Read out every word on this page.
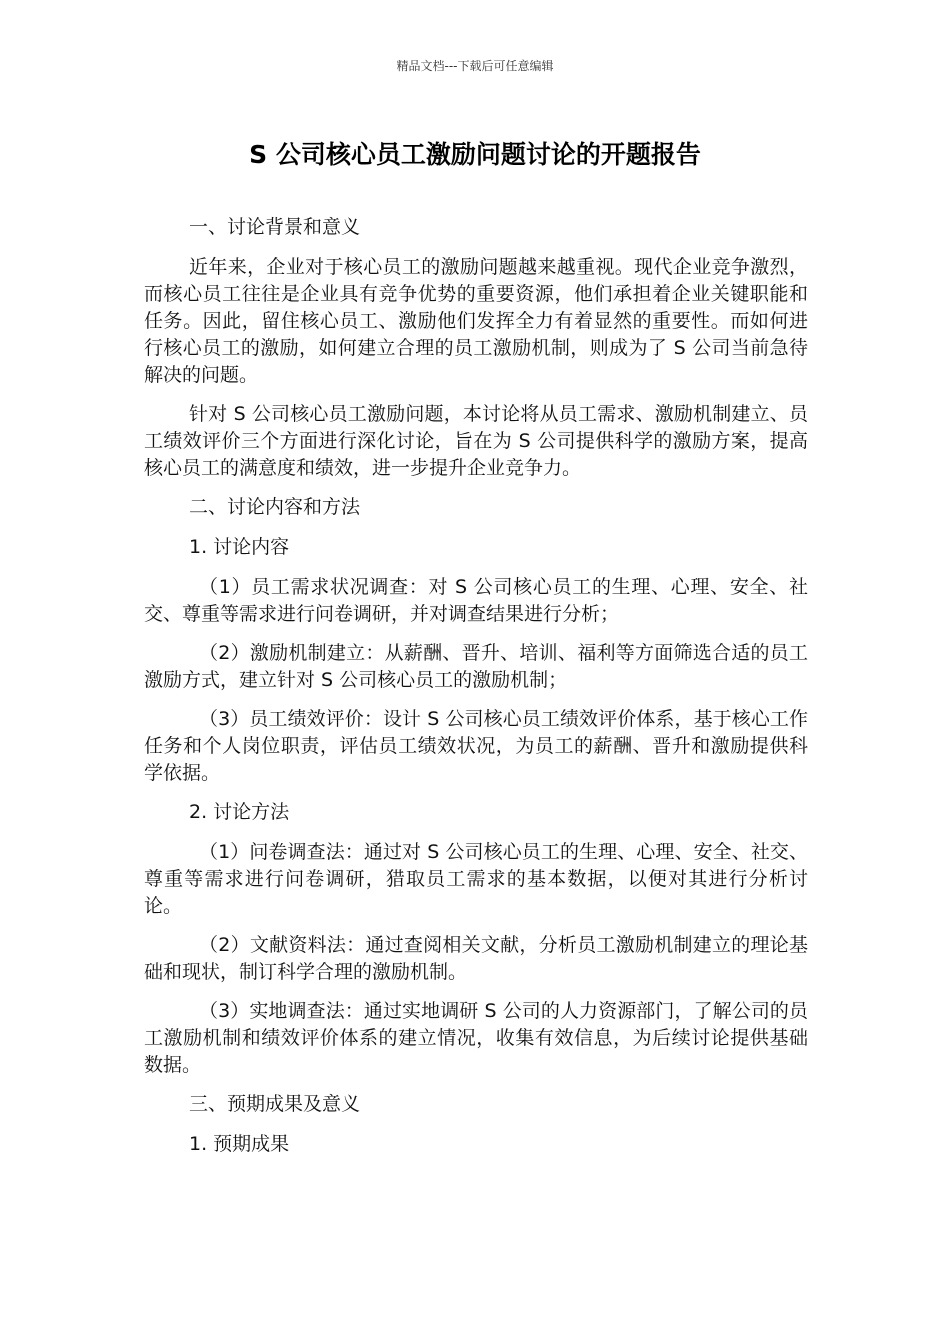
精品文档---下载后可任意编辑
S 公司核心员工激励问题讨论的开题报告

一、讨论背景和意义

近年来，企业对于核心员工的激励问题越来越重视。现代企业竞争激烈，而核心员工往往是企业具有竞争优势的重要资源，他们承担着企业关键职能和任务。因此，留住核心员工、激励他们发挥全力有着显然的重要性。而如何进行核心员工的激励，如何建立合理的员工激励机制，则成为了 S 公司当前急待解决的问题。

针对 S 公司核心员工激励问题，本讨论将从员工需求、激励机制建立、员工绩效评价三个方面进行深化讨论，旨在为 S 公司提供科学的激励方案，提高核心员工的满意度和绩效，进一步提升企业竞争力。

二、讨论内容和方法

1. 讨论内容

（1）员工需求状况调查：对 S 公司核心员工的生理、心理、安全、社交、尊重等需求进行问卷调研，并对调查结果进行分析；

（2）激励机制建立：从薪酬、晋升、培训、福利等方面筛选合适的员工激励方式，建立针对 S 公司核心员工的激励机制；

（3）员工绩效评价：设计 S 公司核心员工绩效评价体系，基于核心工作任务和个人岗位职责，评估员工绩效状况，为员工的薪酬、晋升和激励提供科学依据。

2. 讨论方法

（1）问卷调查法：通过对 S 公司核心员工的生理、心理、安全、社交、尊重等需求进行问卷调研，猎取员工需求的基本数据，以便对其进行分析讨论。

（2）文献资料法：通过查阅相关文献，分析员工激励机制建立的理论基础和现状，制订科学合理的激励机制。

（3）实地调查法：通过实地调研 S 公司的人力资源部门，了解公司的员工激励机制和绩效评价体系的建立情况，收集有效信息，为后续讨论提供基础数据。

三、预期成果及意义

1. 预期成果
